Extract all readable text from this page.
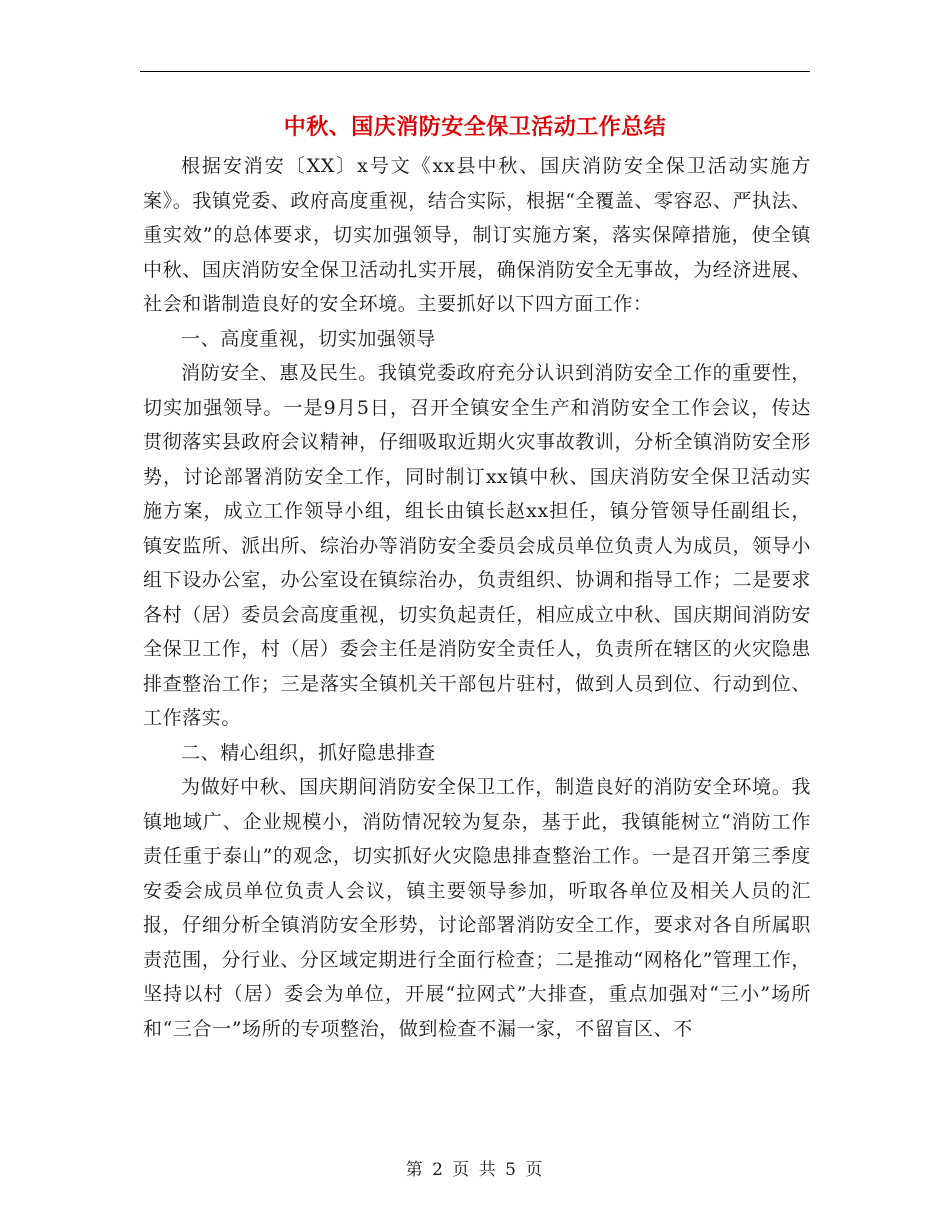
中秋、国庆消防安全保卫活动工作总结

根据安消安〔XX〕x号文《xx县中秋、国庆消防安全保卫活动实施方案》。我镇党委、政府高度重视，结合实际，根据“全覆盖、零容忍、严执法、重实效”的总体要求，切实加强领导，制订实施方案，落实保障措施，使全镇中秋、国庆消防安全保卫活动扎实开展，确保消防安全无事故，为经济进展、社会和谐制造良好的安全环境。主要抓好以下四方面工作：

一、高度重视，切实加强领导

消防安全、惠及民生。我镇党委政府充分认识到消防安全工作的重要性，切实加强领导。一是9月5日，召开全镇安全生产和消防安全工作会议，传达贯彻落实县政府会议精神，仔细吸取近期火灾事故教训，分析全镇消防安全形势，讨论部署消防安全工作，同时制订xx镇中秋、国庆消防安全保卫活动实施方案，成立工作领导小组，组长由镇长赵xx担任，镇分管领导任副组长，镇安监所、派出所、综治办等消防安全委员会成员单位负责人为成员，领导小组下设办公室，办公室设在镇综治办，负责组织、协调和指导工作；二是要求各村（居）委员会高度重视，切实负起责任，相应成立中秋、国庆期间消防安全保卫工作，村（居）委会主任是消防安全责任人，负责所在辖区的火灾隐患排查整治工作；三是落实全镇机关干部包片驻村，做到人员到位、行动到位、工作落实。

二、精心组织，抓好隐患排查

为做好中秋、国庆期间消防安全保卫工作，制造良好的消防安全环境。我镇地域广、企业规模小，消防情况较为复杂，基于此，我镇能树立“消防工作责任重于泰山”的观念，切实抓好火灾隐患排查整治工作。一是召开第三季度安委会成员单位负责人会议，镇主要领导参加，听取各单位及相关人员的汇报，仔细分析全镇消防安全形势，讨论部署消防安全工作，要求对各自所属职责范围，分行业、分区域定期进行全面行检查；二是推动“网格化”管理工作，坚持以村（居）委会为单位，开展“拉网式”大排查，重点加强对“三小”场所和“三合一”场所的专项整治，做到检查不漏一家，不留盲区、不

第 2 页 共 5 页
